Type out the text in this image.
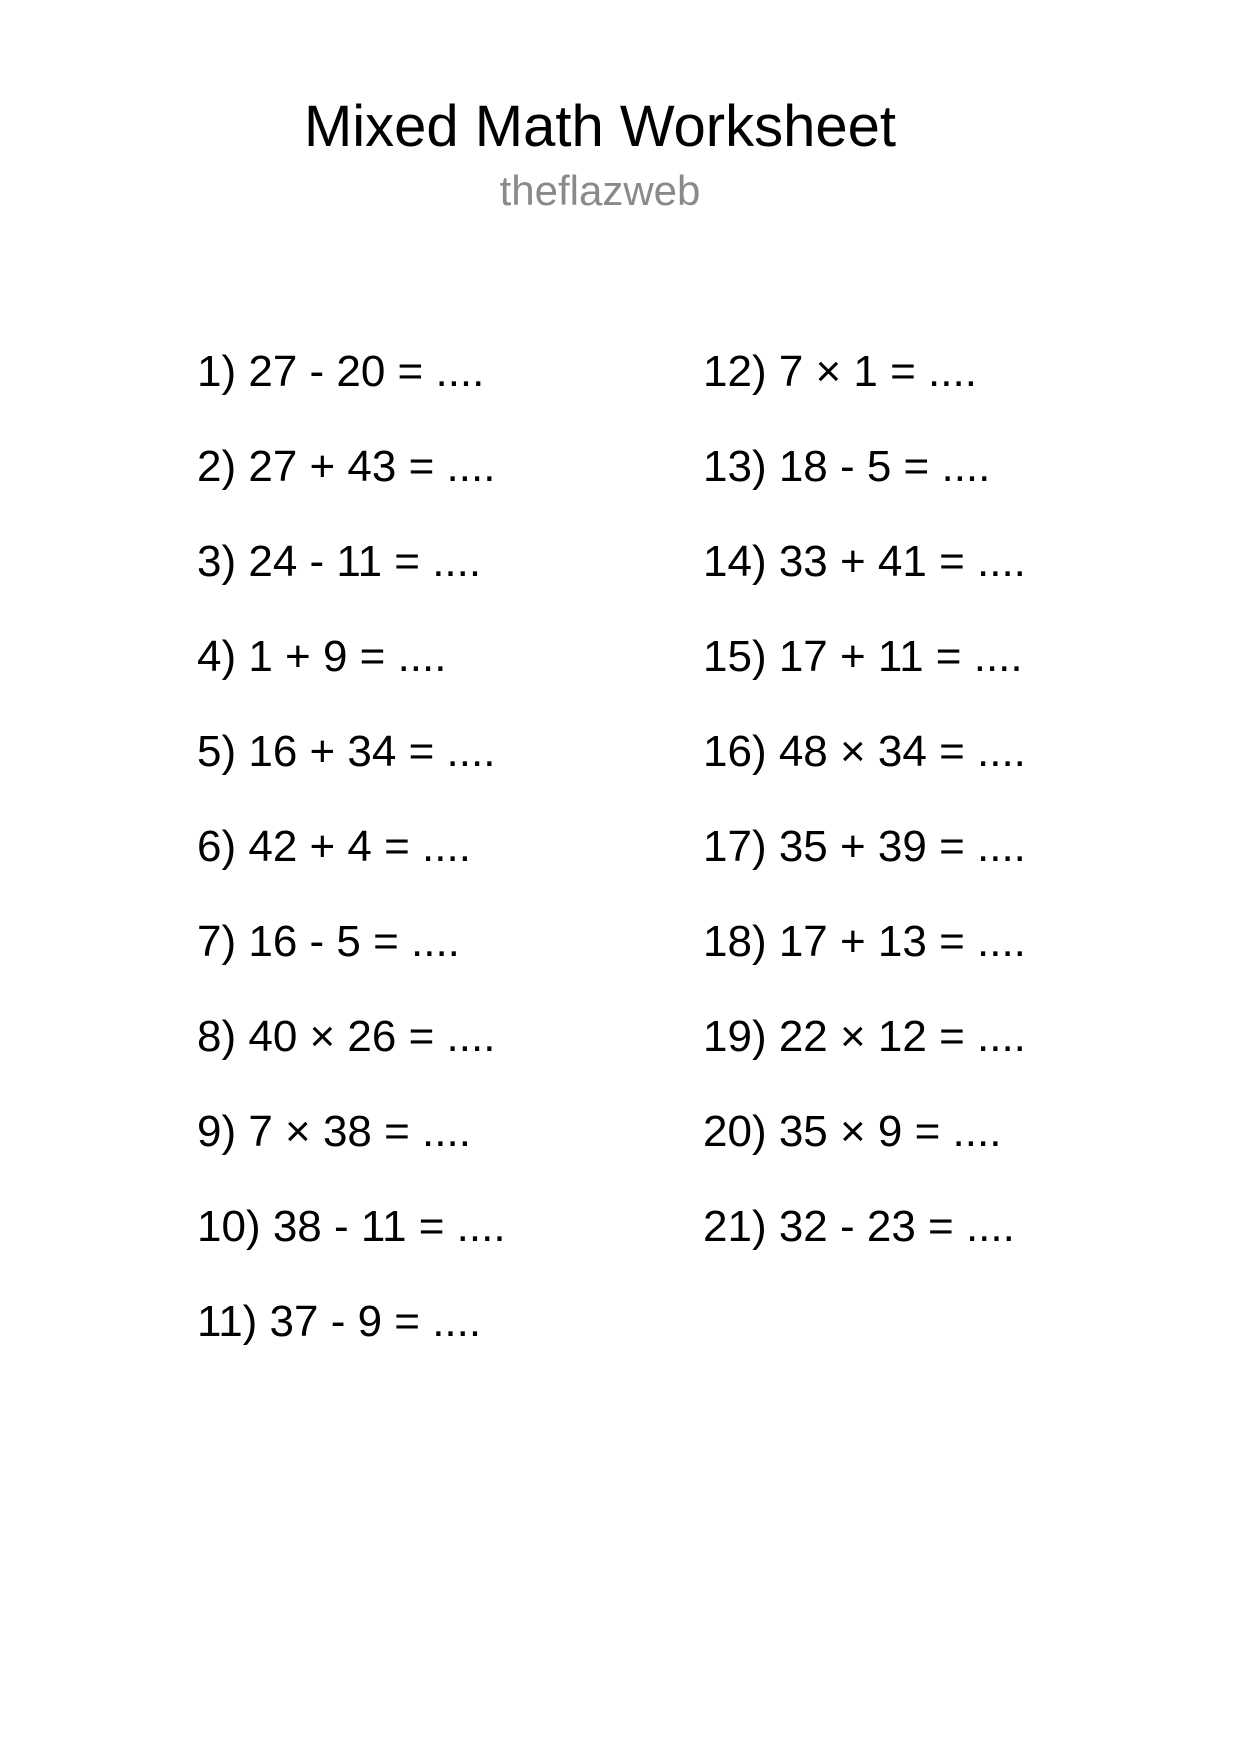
Mixed Math Worksheet
theflazweb
1) 27 - 20 = ....
2) 27 + 43 = ....
3) 24 - 11 = ....
4) 1 + 9 = ....
5) 16 + 34 = ....
6) 42 + 4 = ....
7) 16 - 5 = ....
8) 40 × 26 = ....
9) 7 × 38 = ....
10) 38 - 11 = ....
11) 37 - 9 = ....
12) 7 × 1 = ....
13) 18 - 5 = ....
14) 33 + 41 = ....
15) 17 + 11 = ....
16) 48 × 34 = ....
17) 35 + 39 = ....
18) 17 + 13 = ....
19) 22 × 12 = ....
20) 35 × 9 = ....
21) 32 - 23 = ....
